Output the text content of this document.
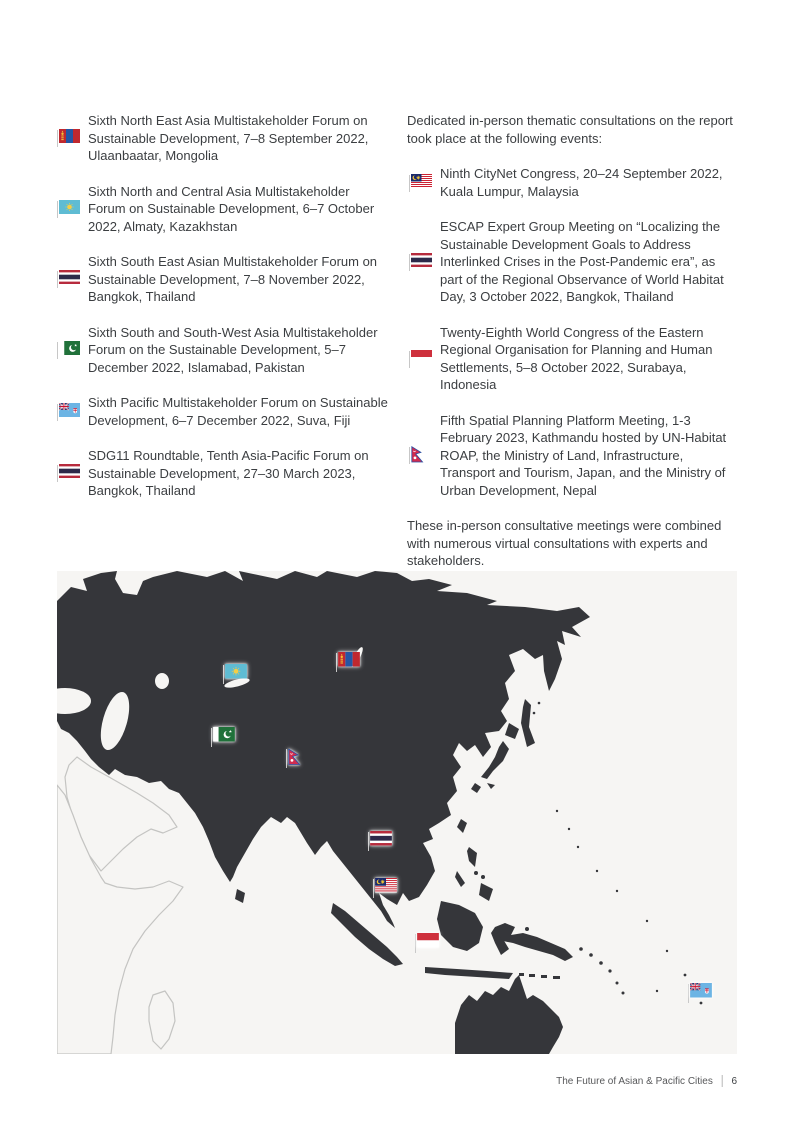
Sixth North East Asia Multistakeholder Forum on Sustainable Development, 7–8 September 2022, Ulaanbaatar, Mongolia
Sixth North and Central Asia Multistakeholder Forum on Sustainable Development, 6–7 October 2022, Almaty, Kazakhstan
Sixth South East Asian Multistakeholder Forum on Sustainable Development, 7–8 November 2022, Bangkok, Thailand
Sixth South and South-West Asia Multistakeholder Forum on the Sustainable Development, 5–7 December 2022, Islamabad, Pakistan
Sixth Pacific Multistakeholder Forum on Sustainable Development, 6–7 December 2022, Suva, Fiji
SDG11 Roundtable, Tenth Asia-Pacific Forum on Sustainable Development, 27–30 March 2023, Bangkok, Thailand

Dedicated in-person thematic consultations on the report took place at the following events:

Ninth CityNet Congress, 20–24 September 2022, Kuala Lumpur, Malaysia
ESCAP Expert Group Meeting on “Localizing the Sustainable Development Goals to Address Interlinked Crises in the Post-Pandemic era”, as part of the Regional Observance of World Habitat Day, 3 October 2022, Bangkok, Thailand
Twenty-Eighth World Congress of the Eastern Regional Organisation for Planning and Human Settlements, 5–8 October 2022, Surabaya, Indonesia
Fifth Spatial Planning Platform Meeting, 1-3 February 2023, Kathmandu hosted by UN-Habitat ROAP, the Ministry of Land, Infrastructure, Transport and Tourism, Japan, and the Ministry of Urban Development, Nepal

These in-person consultative meetings were combined with numerous virtual consultations with experts and stakeholders.

The Future of Asian & Pacific Cities | 6
